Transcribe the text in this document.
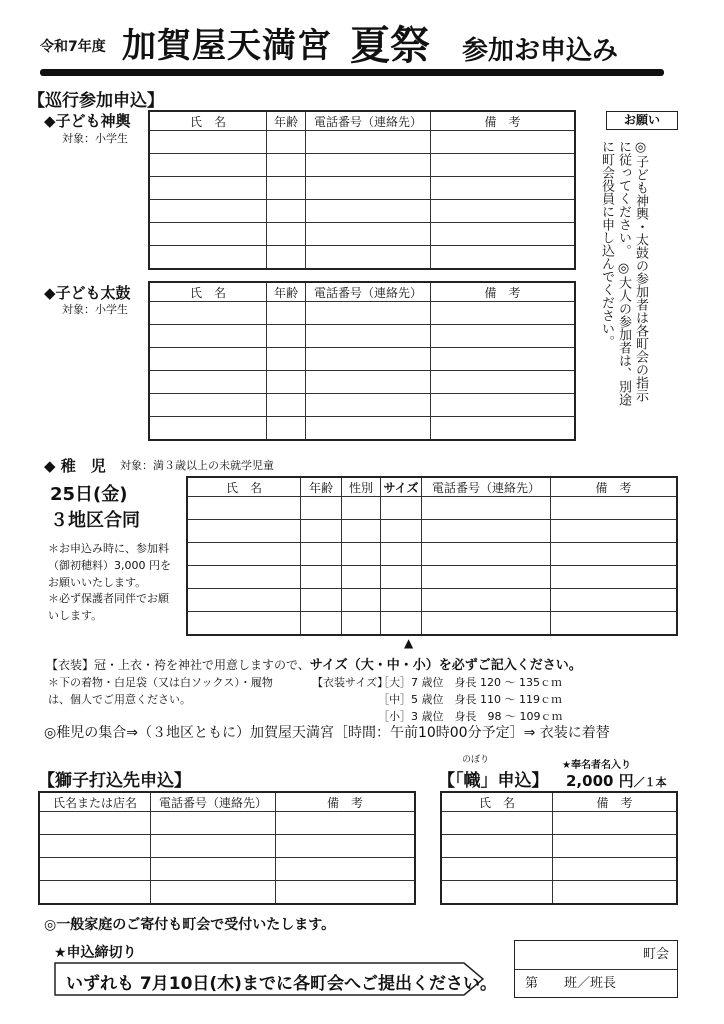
令和7年度 加賀屋天満宮 夏祭 参加お申込み
【巡行参加申込】
◆子ども神輿
対象：小学生
氏　名	年齢	電話番号（連絡先）	備　考

◆子ども太鼓
対象：小学生
氏　名	年齢	電話番号（連絡先）	備　考

お願い
◎子ども神輿・太鼓の参加者は各町会の指示に従ってください。 ◎大人の参加者は、別途に町会役員に申し込んでください。
◆ 稚　児 対象：満３歳以上の未就学児童
25日(金)
３地区合同
＊お申込み時に、参加料（御初穂料）3,000 円をお願いいたします。
＊必ず保護者同伴でお願いします。
氏　名	年齢	性別	サイズ	電話番号（連絡先）	備　考

▲
【衣装】冠・上衣・袴を神社で用意しますので、サイズ（大・中・小）を必ずご記入ください。
＊下の着物・白足袋（又は白ソックス）・履物は、個人でご用意ください。
【衣装サイズ】
［大］7 歳位　身長 120 ～ 135ｃｍ
［中］5 歳位　身長 110 ～ 119ｃｍ
［小］3 歳位　身長　98 ～ 109ｃｍ
◎稚児の集合⇒（３地区ともに）加賀屋天満宮［時間：午前10時00分予定］⇒ 衣装に着替
【獅子打込先申込】
氏名または店名	電話番号（連絡先）	備　考

のぼり
【「幟」申込】
★奉名者名入り
2,000 円／１本
氏　名	備　考

◎一般家庭のご寄付も町会で受付いたします。
★申込締切り
いずれも 7月10日(木)までに各町会へご提出ください。
町会
第　　班／班長
